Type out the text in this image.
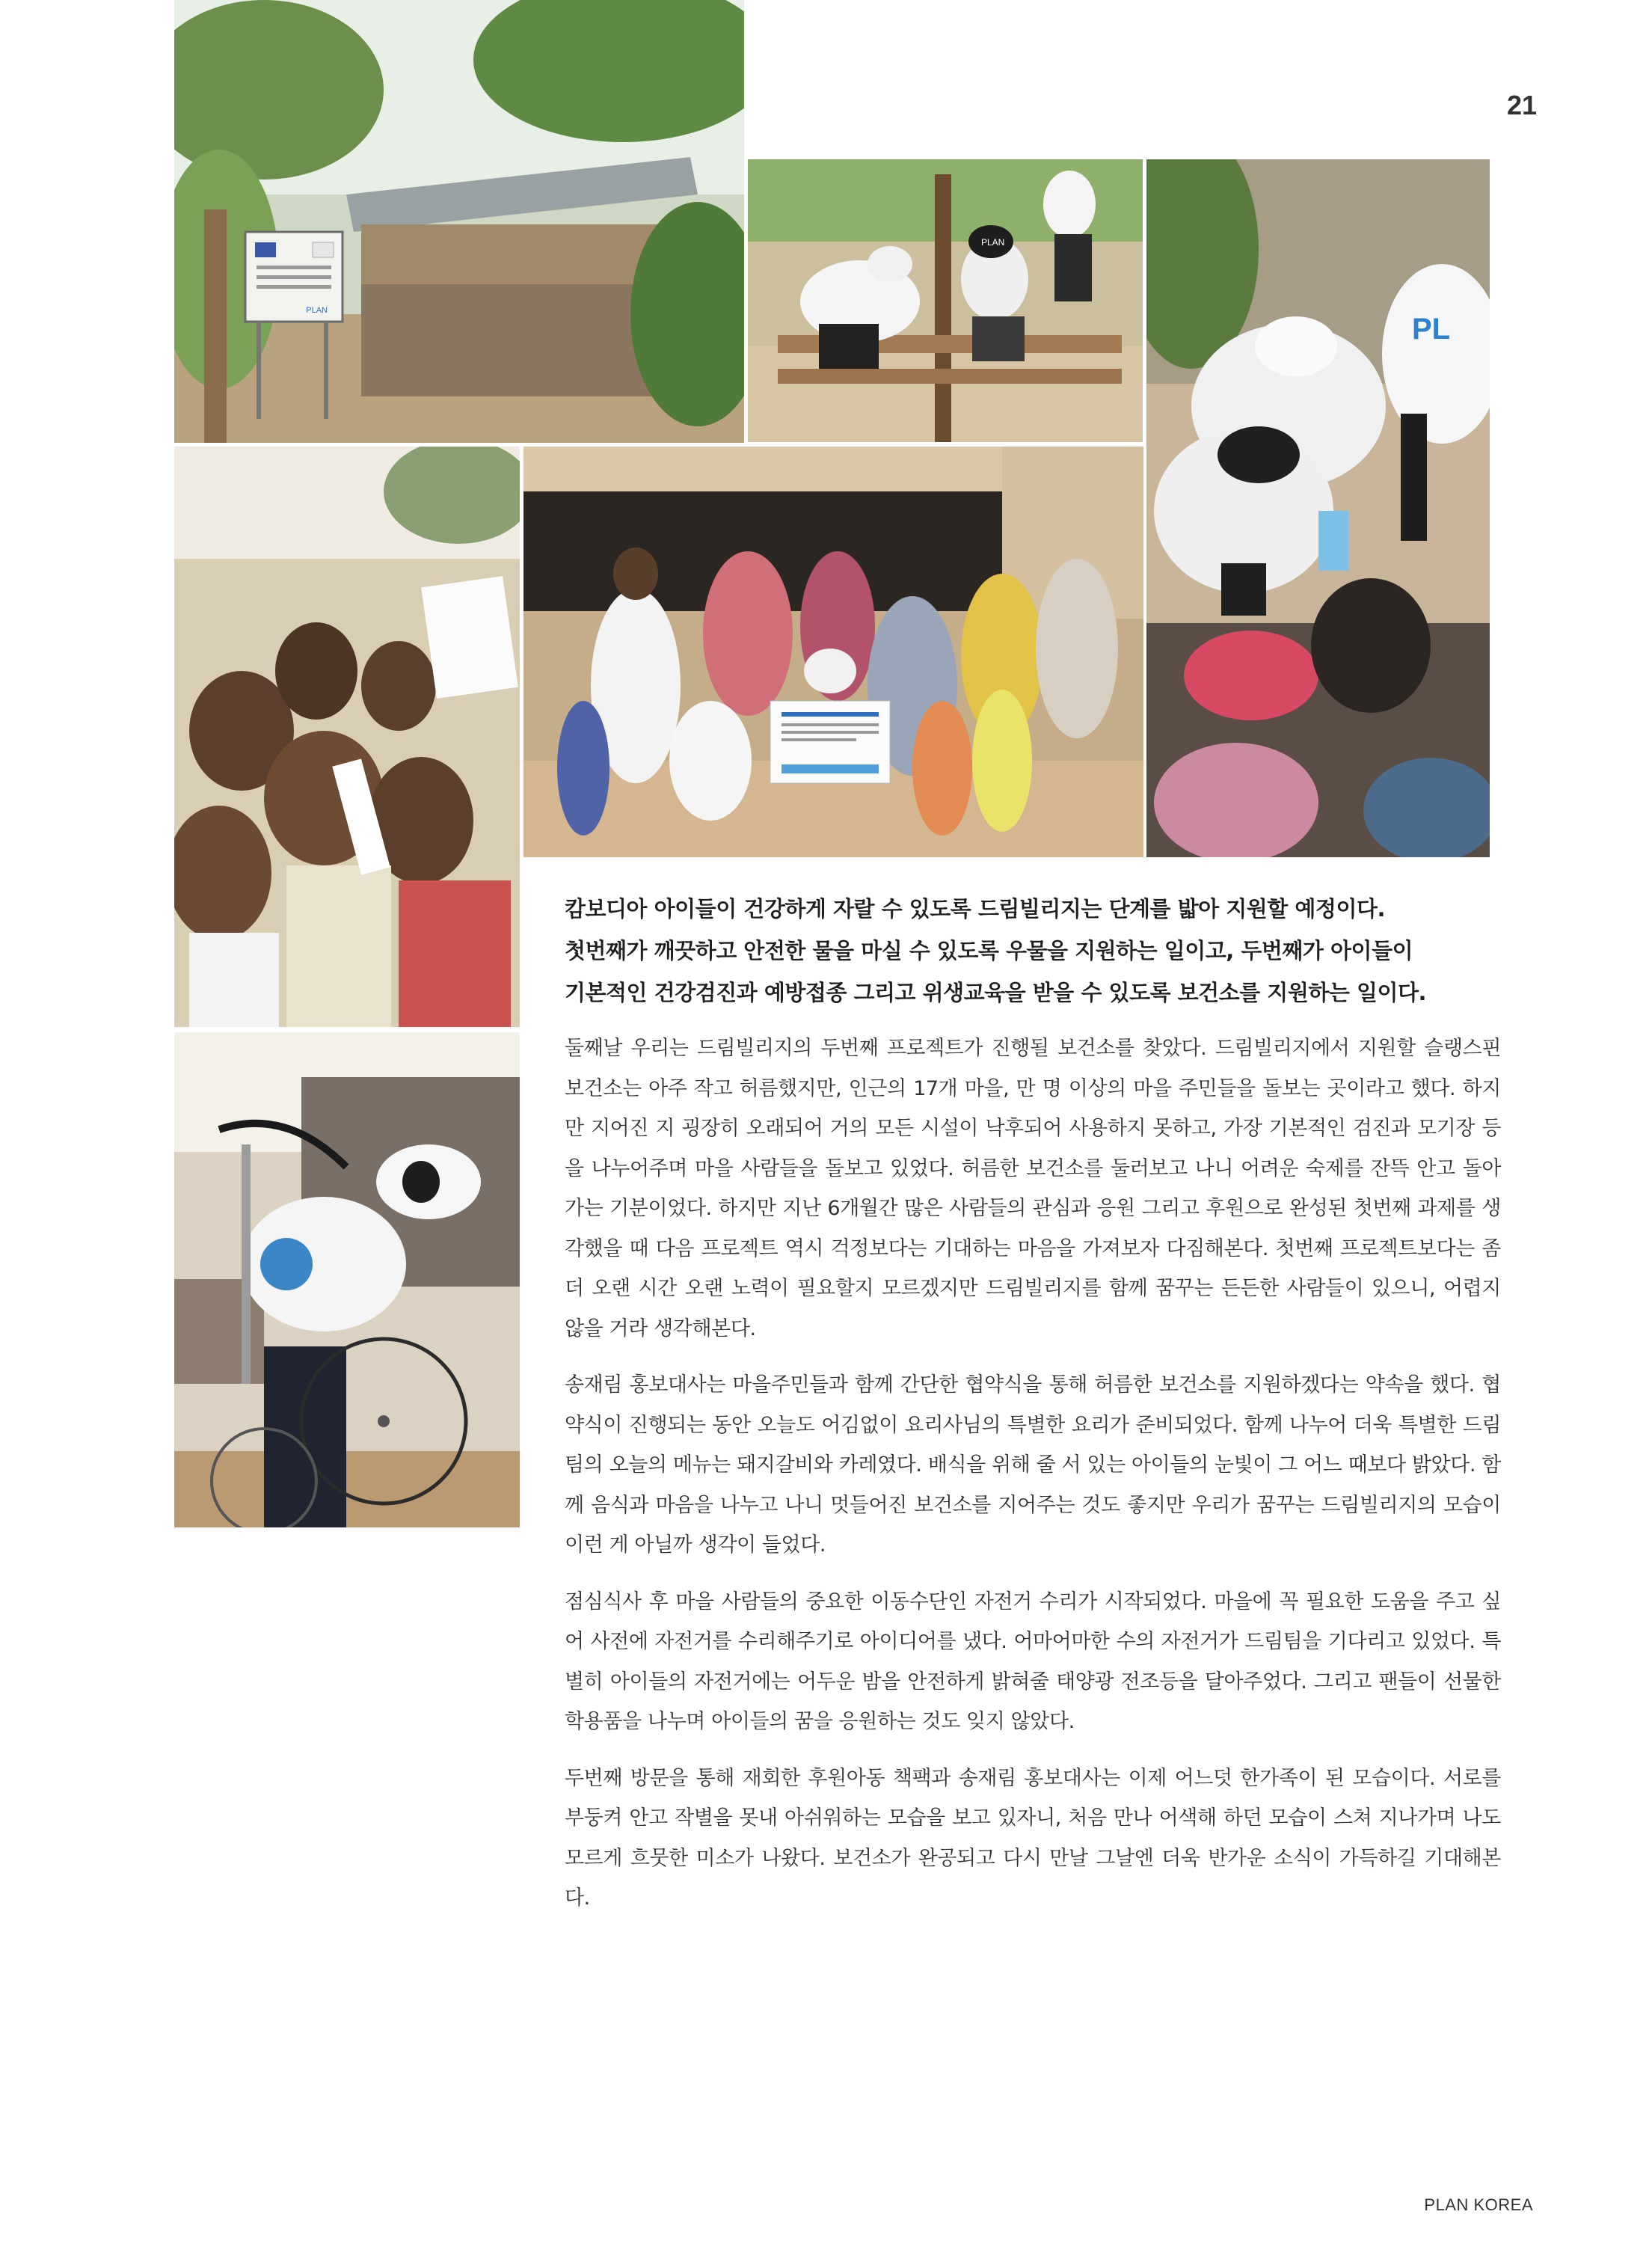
21
PLAN
PLAN
PL

캄보디아 아이들이 건강하게 자랄 수 있도록 드림빌리지는 단계를 밟아 지원할 예정이다.

첫번째가 깨끗하고 안전한 물을 마실 수 있도록 우물을 지원하는 일이고, 두번째가 아이들이

기본적인 건강검진과 예방접종 그리고 위생교육을 받을 수 있도록 보건소를 지원하는 일이다.

둘째날 우리는 드림빌리지의 두번째 프로젝트가 진행될 보건소를 찾았다. 드림빌리지에서 지원할 슬랭스핀 보건소는 아주 작고 허름했지만, 인근의 17개 마을, 만 명 이상의 마을 주민들을 돌보는 곳이라고 했다. 하지만 지어진 지 굉장히 오래되어 거의 모든 시설이 낙후되어 사용하지 못하고, 가장 기본적인 검진과 모기장 등을 나누어주며 마을 사람들을 돌보고 있었다. 허름한 보건소를 둘러보고 나니 어려운 숙제를 잔뜩 안고 돌아가는 기분이었다. 하지만 지난 6개월간 많은 사람들의 관심과 응원 그리고 후원으로 완성된 첫번째 과제를 생각했을 때 다음 프로젝트 역시 걱정보다는 기대하는 마음을 가져보자 다짐해본다. 첫번째 프로젝트보다는 좀 더 오랜 시간 오랜 노력이 필요할지 모르겠지만 드림빌리지를 함께 꿈꾸는 든든한 사람들이 있으니, 어렵지 않을 거라 생각해본다.

송재림 홍보대사는 마을주민들과 함께 간단한 협약식을 통해 허름한 보건소를 지원하겠다는 약속을 했다. 협약식이 진행되는 동안 오늘도 어김없이 요리사님의 특별한 요리가 준비되었다. 함께 나누어 더욱 특별한 드림팀의 오늘의 메뉴는 돼지갈비와 카레였다. 배식을 위해 줄 서 있는 아이들의 눈빛이 그 어느 때보다 밝았다. 함께 음식과 마음을 나누고 나니 멋들어진 보건소를 지어주는 것도 좋지만 우리가 꿈꾸는 드림빌리지의 모습이 이런 게 아닐까 생각이 들었다.

점심식사 후 마을 사람들의 중요한 이동수단인 자전거 수리가 시작되었다. 마을에 꼭 필요한 도움을 주고 싶어 사전에 자전거를 수리해주기로 아이디어를 냈다. 어마어마한 수의 자전거가 드림팀을 기다리고 있었다. 특별히 아이들의 자전거에는 어두운 밤을 안전하게 밝혀줄 태양광 전조등을 달아주었다. 그리고 팬들이 선물한 학용품을 나누며 아이들의 꿈을 응원하는 것도 잊지 않았다.

두번째 방문을 통해 재회한 후원아동 책팩과 송재림 홍보대사는 이제 어느덧 한가족이 된 모습이다. 서로를 부둥켜 안고 작별을 못내 아쉬워하는 모습을 보고 있자니, 처음 만나 어색해 하던 모습이 스쳐 지나가며 나도 모르게 흐뭇한 미소가 나왔다. 보건소가 완공되고 다시 만날 그날엔 더욱 반가운 소식이 가득하길 기대해본다.

PLAN KOREA
